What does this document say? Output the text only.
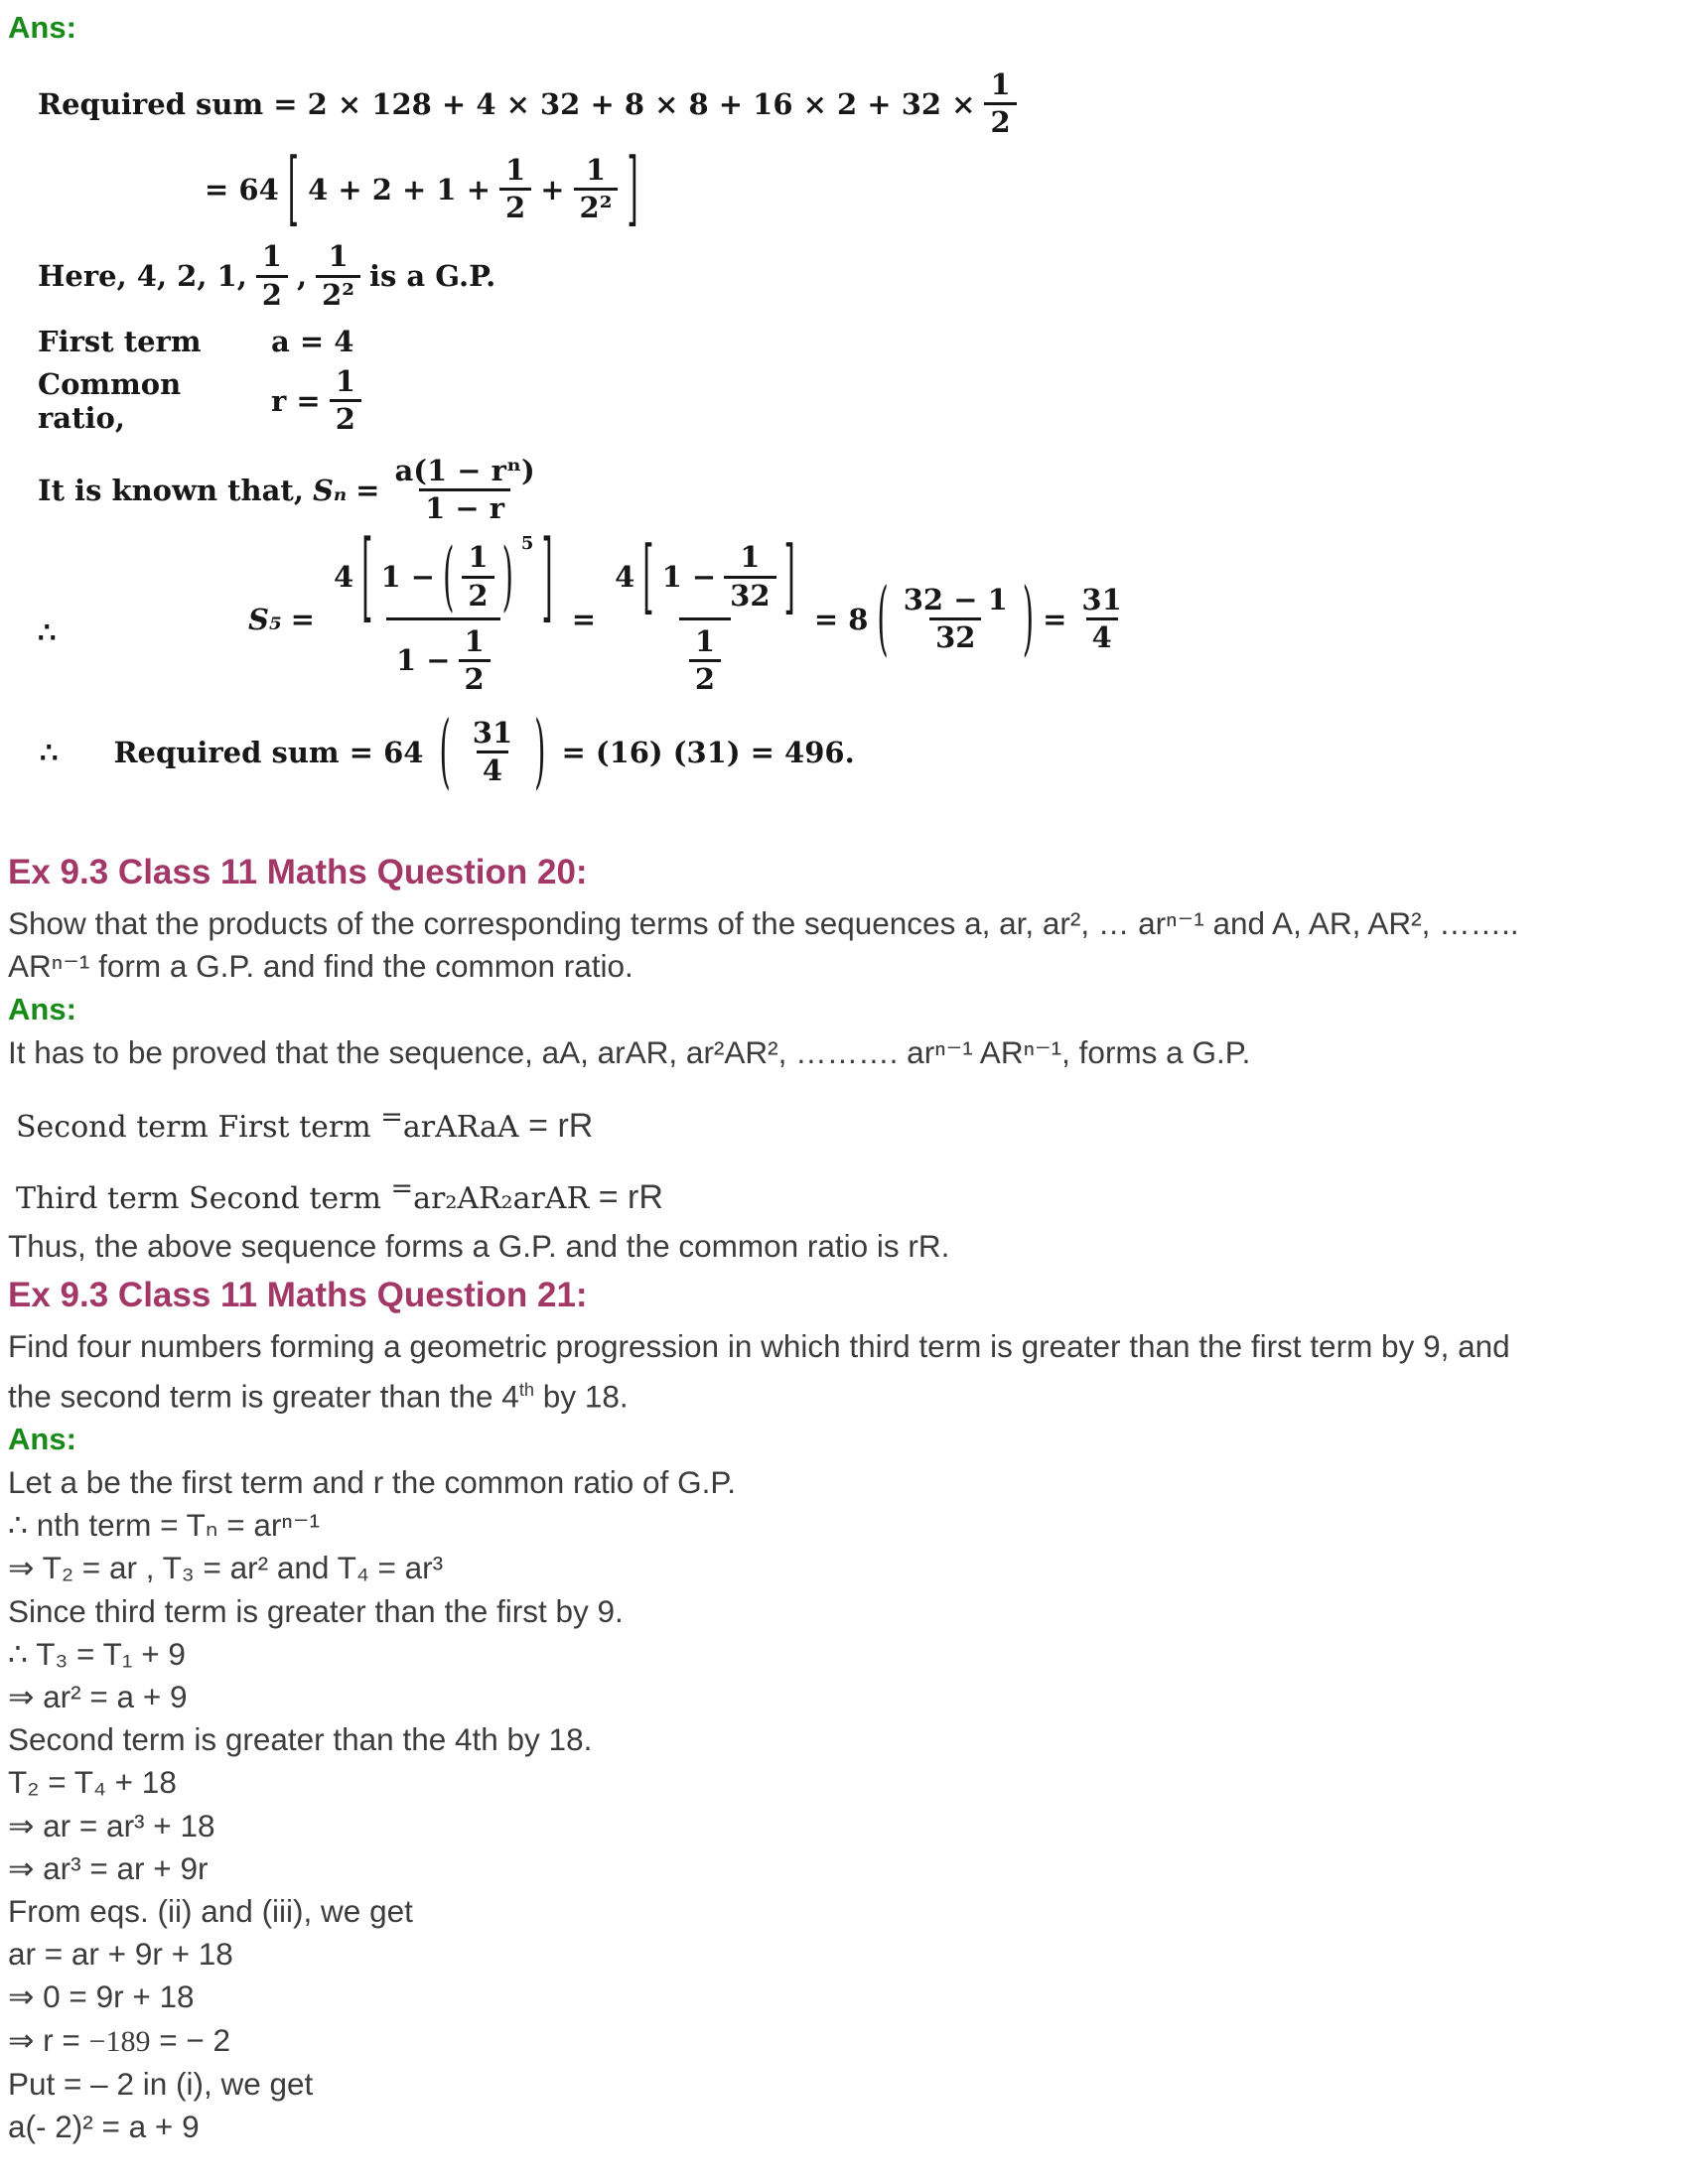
Ans:
Required sum = $2 \times 128 + 4 \times 32 + 8 \times 8 + 16 \times 2 + 32 \times \frac{1}{2}$
= 64 [ $4 + 2 + 1 + \frac{1}{2} + \frac{1}{\text{2²}}$ ]
Here, 4, 2, 1, $\frac{1}{2}$ , $\frac{1}{\text{2²}}$ is a G.P.
First term	a = 4
Common ratio,	$r = \frac{1}{2}$
It is known that, $S_n = \frac{\text{a(1 − rⁿ)}}{1 - r}$
∴	S₅ =
4 [ 1 − ( $\frac{1}{2}$ ) 5 ]
$1 - \frac{1}{2}$
=
4 [ $1 - \frac{1}{32}$ ]
$\frac{1}{2}$
= 8 ( $\frac{32 - 1}{32}$ ) = $\frac{31}{4}$
∴ Required sum = 64 ( $\frac{31}{4}$ ) = (16) (31) = 496.
Ex 9.3 Class 11 Maths Question 20:
Show that the products of the corresponding terms of the sequences a, ar, ar², … arⁿ⁻¹ and A, AR, AR², …….. ARⁿ⁻¹ form a G.P. and find the common ratio.
Ans:
It has to be proved that the sequence, aA, arAR, ar²AR², ………. arⁿ⁻¹ ARⁿ⁻¹, forms a G.P.
Second term First term =arARaA = rR
Third term Second term =ar₂AR₂arAR = rR
Thus, the above sequence forms a G.P. and the common ratio is rR.
Ex 9.3 Class 11 Maths Question 21:
Find four numbers forming a geometric progression in which third term is greater than the first term by 9, and the second term is greater than the 4th by 18.
Ans:
Let a be the first term and r the common ratio of G.P.
∴ nth term = Tₙ = arⁿ⁻¹
⇒ T₂ = ar , T₃ = ar² and T₄ = ar³
Since third term is greater than the first by 9.
∴ T₃ = T₁ + 9
⇒ ar² = a + 9
Second term is greater than the 4th by 18.
T₂ = T₄ + 18
⇒ ar = ar³ + 18
⇒ ar³ = ar + 9r
From eqs. (ii) and (iii), we get
ar = ar + 9r + 18
⇒ 0 = 9r + 18
⇒ r = −189 = − 2
Put = – 2 in (i), we get
a(- 2)² = a + 9
